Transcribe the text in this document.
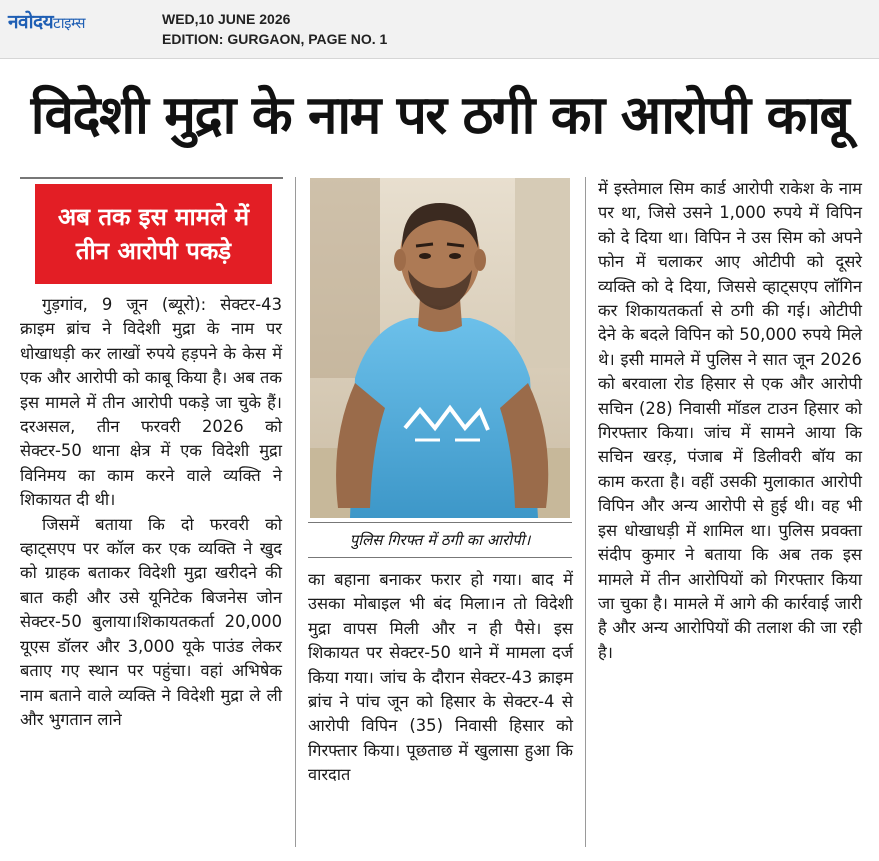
नवोदयटाइम्स	WED,10 JUNE 2026
EDITION: GURGAON, PAGE NO. 1
विदेशी मुद्रा के नाम पर ठगी का आरोपी काबू
अब तक इस मामले में तीन आरोपी पकड़े

गुड़गांव, 9 जून (ब्यूरो): सेक्टर-43 क्राइम ब्रांच ने विदेशी मुद्रा के नाम पर धोखाधड़ी कर लाखों रुपये हड़पने के केस में एक और आरोपी को काबू किया है। अब तक इस मामले में तीन आरोपी पकड़े जा चुके हैं। दरअसल, तीन फरवरी 2026 को सेक्टर-50 थाना क्षेत्र में एक विदेशी मुद्रा विनिमय का काम करने वाले व्यक्ति ने शिकायत दी थी।

जिसमें बताया कि दो फरवरी को व्हाट्सएप पर कॉल कर एक व्यक्ति ने खुद को ग्राहक बताकर विदेशी मुद्रा खरीदने की बात कही और उसे यूनिटेक बिजनेस जोन सेक्टर-50 बुलाया।शिकायतकर्ता 20,000 यूएस डॉलर और 3,000 यूके पाउंड लेकर बताए गए स्थान पर पहुंचा। वहां अभिषेक नाम बताने वाले व्यक्ति ने विदेशी मुद्रा ले ली और भुगतान लाने

पुलिस गिरफ्त में ठगी का आरोपी।

का बहाना बनाकर फरार हो गया। बाद में उसका मोबाइल भी बंद मिला।न तो विदेशी मुद्रा वापस मिली और न ही पैसे। इस शिकायत पर सेक्टर-50 थाने में मामला दर्ज किया गया। जांच के दौरान सेक्टर-43 क्राइम ब्रांच ने पांच जून को हिसार के सेक्टर-4 से आरोपी विपिन (35) निवासी हिसार को गिरफ्तार किया। पूछताछ में खुलासा हुआ कि वारदात

में इस्तेमाल सिम कार्ड आरोपी राकेश के नाम पर था, जिसे उसने 1,000 रुपये में विपिन को दे दिया था। विपिन ने उस सिम को अपने फोन में चलाकर आए ओटीपी को दूसरे व्यक्ति को दे दिया, जिससे व्हाट्सएप लॉगिन कर शिकायतकर्ता से ठगी की गई। ओटीपी देने के बदले विपिन को 50,000 रुपये मिले थे। इसी मामले में पुलिस ने सात जून 2026 को बरवाला रोड हिसार से एक और आरोपी सचिन (28) निवासी मॉडल टाउन हिसार को गिरफ्तार किया। जांच में सामने आया कि सचिन खरड़, पंजाब में डिलीवरी बॉय का काम करता है। वहीं उसकी मुलाकात आरोपी विपिन और अन्य आरोपी से हुई थी। वह भी इस धोखाधड़ी में शामिल था। पुलिस प्रवक्ता संदीप कुमार ने बताया कि अब तक इस मामले में तीन आरोपियों को गिरफ्तार किया जा चुका है। मामले में आगे की कार्रवाई जारी है और अन्य आरोपियों की तलाश की जा रही है।
